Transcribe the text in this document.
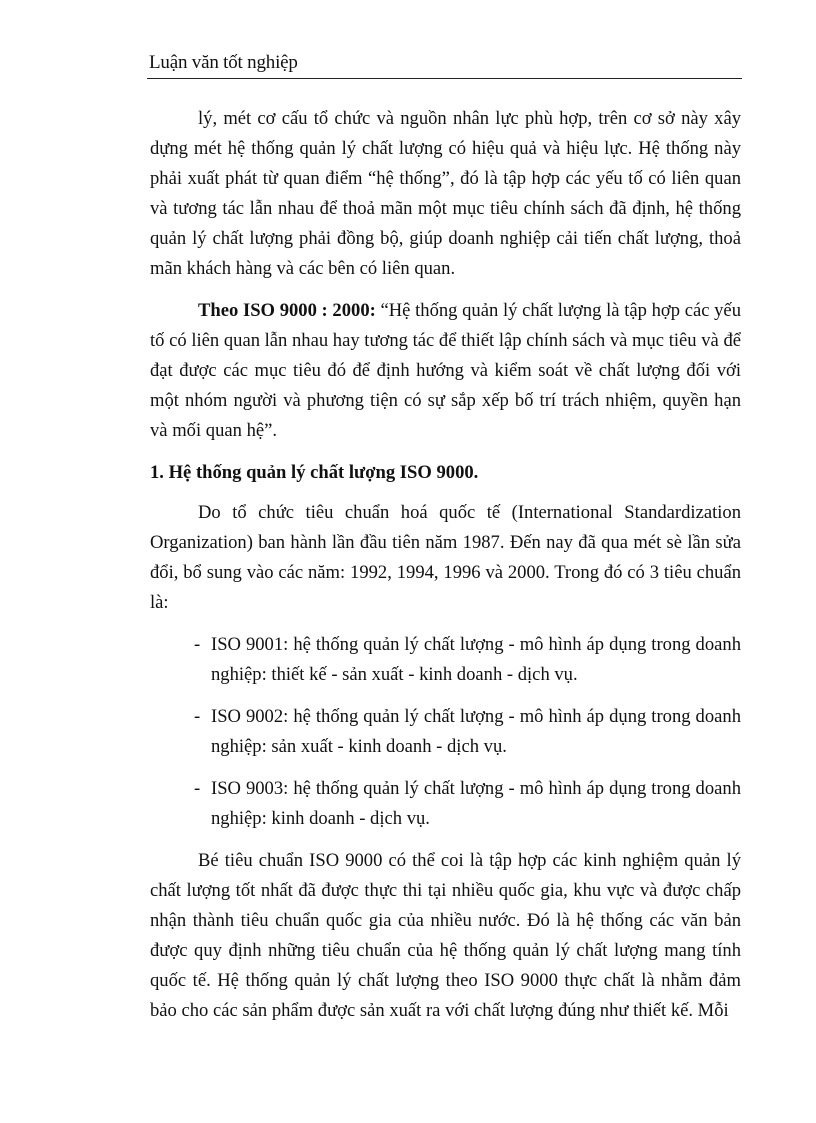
Luận văn tốt nghiệp

lý, mét cơ cấu tổ chức và nguồn nhân lực phù hợp, trên cơ sở này xây dựng mét hệ thống quản lý chất lượng có hiệu quả và hiệu lực. Hệ thống này phải xuất phát từ quan điểm “hệ thống”, đó là tập hợp các yếu tố có liên quan và tương tác lẫn nhau để thoả mãn một mục tiêu chính sách đã định, hệ thống quản lý chất lượng phải đồng bộ, giúp doanh nghiệp cải tiến chất lượng, thoả mãn khách hàng và các bên có liên quan.

Theo ISO 9000 : 2000: “Hệ thống quản lý chất lượng là tập hợp các yếu tố có liên quan lẫn nhau hay tương tác để thiết lập chính sách và mục tiêu và để đạt được các mục tiêu đó để định hướng và kiểm soát về chất lượng đối với một nhóm người và phương tiện có sự sắp xếp bố trí trách nhiệm, quyền hạn và mối quan hệ”.

1. Hệ thống quản lý chất lượng ISO 9000.

Do tổ chức tiêu chuẩn hoá quốc tế (International Standardization Organization) ban hành lần đầu tiên năm 1987. Đến nay đã qua mét sè lần sửa đổi, bổ sung vào các năm: 1992, 1994, 1996 và 2000. Trong đó có 3 tiêu chuẩn là:

- ISO 9001: hệ thống quản lý chất lượng - mô hình áp dụng trong doanh nghiệp: thiết kế - sản xuất - kinh doanh - dịch vụ.
- ISO 9002: hệ thống quản lý chất lượng - mô hình áp dụng trong doanh nghiệp: sản xuất - kinh doanh - dịch vụ.
- ISO 9003: hệ thống quản lý chất lượng - mô hình áp dụng trong doanh nghiệp: kinh doanh - dịch vụ.

Bé tiêu chuẩn ISO 9000 có thể coi là tập hợp các kinh nghiệm quản lý chất lượng tốt nhất đã được thực thi tại nhiều quốc gia, khu vực và được chấp nhận thành tiêu chuẩn quốc gia của nhiều nước. Đó là hệ thống các văn bản được quy định những tiêu chuẩn của hệ thống quản lý chất lượng mang tính quốc tế. Hệ thống quản lý chất lượng theo ISO 9000 thực chất là nhằm đảm bảo cho các sản phẩm được sản xuất ra với chất lượng đúng như thiết kế. Mỗi
